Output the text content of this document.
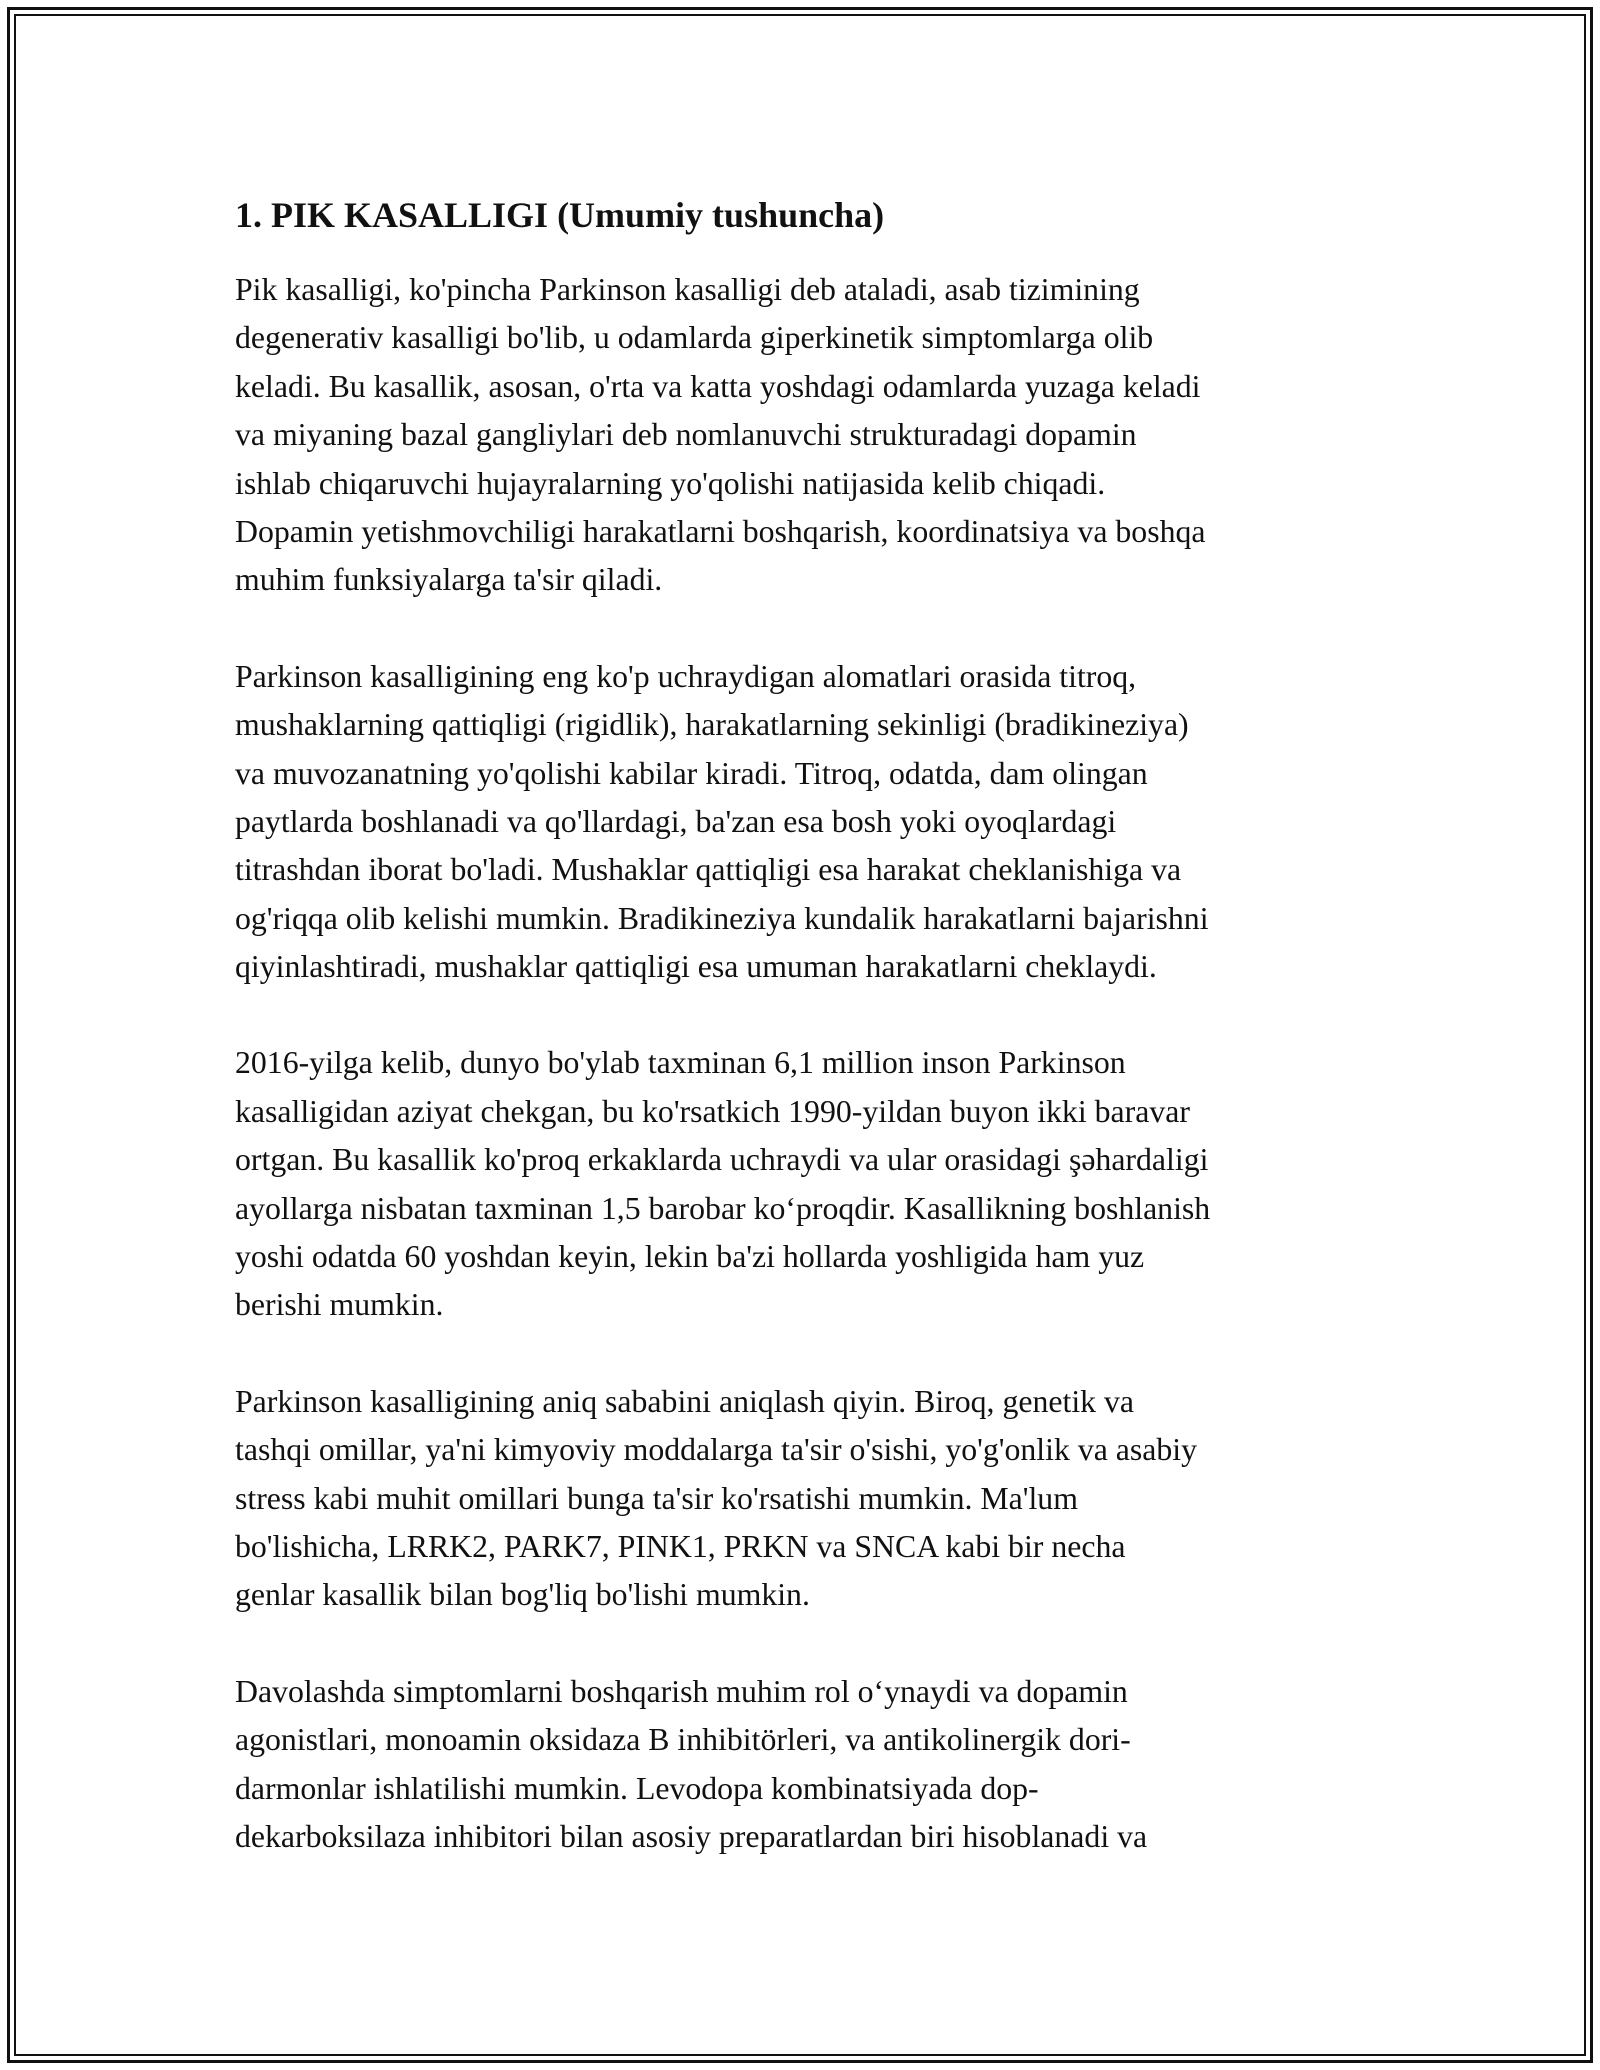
1. PIK KASALLIGI (Umumiy tushuncha)

Pik kasalligi, ko'pincha Parkinson kasalligi deb ataladi, asab tizimining
degenerativ kasalligi bo'lib, u odamlarda giperkinetik simptomlarga olib
keladi. Bu kasallik, asosan, o'rta va katta yoshdagi odamlarda yuzaga keladi
va miyaning bazal gangliylari deb nomlanuvchi strukturadagi dopamin
ishlab chiqaruvchi hujayralarning yo'qolishi natijasida kelib chiqadi.
Dopamin yetishmovchiligi harakatlarni boshqarish, koordinatsiya va boshqa
muhim funksiyalarga ta'sir qiladi.

Parkinson kasalligining eng ko'p uchraydigan alomatlari orasida titroq,
mushaklarning qattiqligi (rigidlik), harakatlarning sekinligi (bradikineziya)
va muvozanatning yo'qolishi kabilar kiradi. Titroq, odatda, dam olingan
paytlarda boshlanadi va qo'llardagi, ba'zan esa bosh yoki oyoqlardagi
titrashdan iborat bo'ladi. Mushaklar qattiqligi esa harakat cheklanishiga va
og'riqqa olib kelishi mumkin. Bradikineziya kundalik harakatlarni bajarishni
qiyinlashtiradi, mushaklar qattiqligi esa umuman harakatlarni cheklaydi.

2016-yilga kelib, dunyo bo'ylab taxminan 6,1 million inson Parkinson
kasalligidan aziyat chekgan, bu ko'rsatkich 1990-yildan buyon ikki baravar
ortgan. Bu kasallik ko'proq erkaklarda uchraydi va ular orasidagi şəhardaligi
ayollarga nisbatan taxminan 1,5 barobar ko‘proqdir. Kasallikning boshlanish
yoshi odatda 60 yoshdan keyin, lekin ba'zi hollarda yoshligida ham yuz
berishi mumkin.

Parkinson kasalligining aniq sababini aniqlash qiyin. Biroq, genetik va
tashqi omillar, ya'ni kimyoviy moddalarga ta'sir o'sishi, yo'g'onlik va asabiy
stress kabi muhit omillari bunga ta'sir ko'rsatishi mumkin. Ma'lum
bo'lishicha, LRRK2, PARK7, PINK1, PRKN va SNCA kabi bir necha
genlar kasallik bilan bog'liq bo'lishi mumkin.

Davolashda simptomlarni boshqarish muhim rol o‘ynaydi va dopamin
agonistlari, monoamin oksidaza B inhibitörleri, va antikolinergik dori-
darmonlar ishlatilishi mumkin. Levodopa kombinatsiyada dop-
dekarboksilaza inhibitori bilan asosiy preparatlardan biri hisoblanadi va
